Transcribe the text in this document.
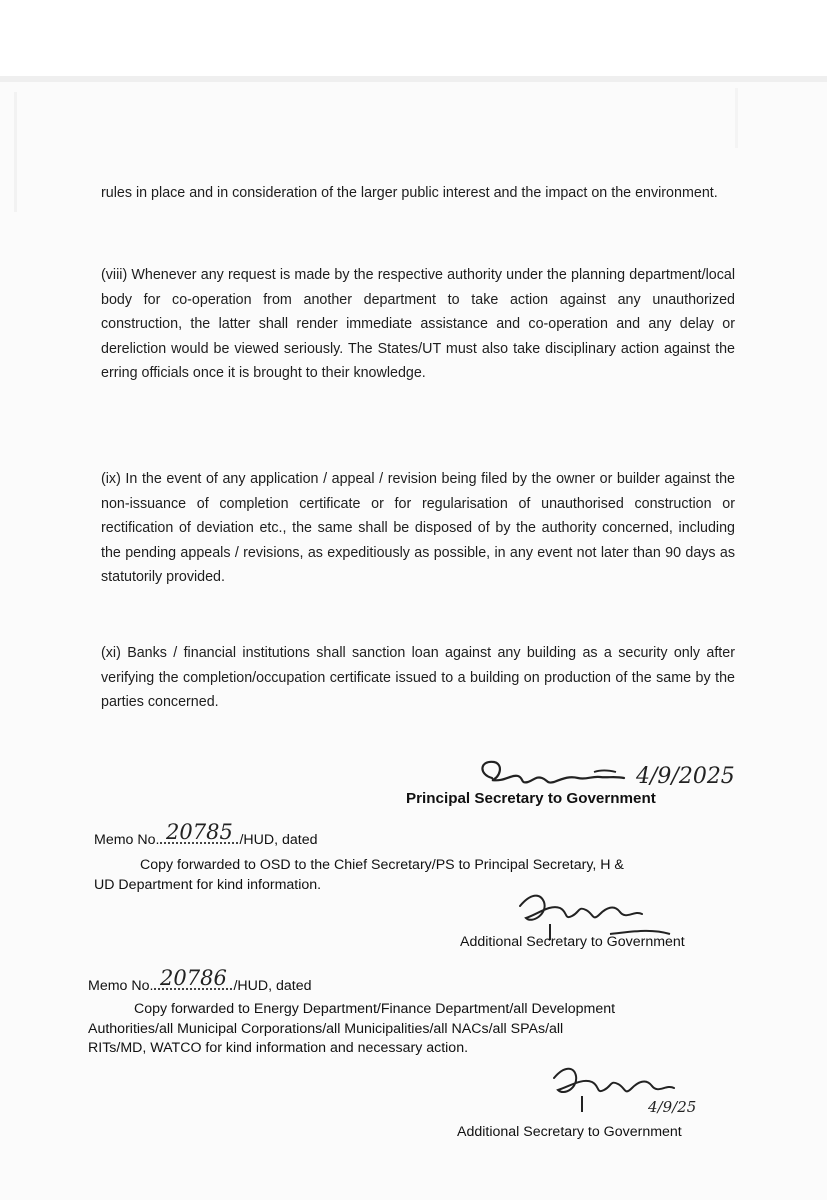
rules in place and in consideration of the larger public interest and the impact on the environment.

(viii) Whenever any request is made by the respective authority under the planning department/local body for co-operation from another department to take action against any unauthorized construction, the latter shall render immediate assistance and co-operation and any delay or dereliction would be viewed seriously. The States/UT must also take disciplinary action against the erring officials once it is brought to their knowledge.

(ix) In the event of any application / appeal / revision being filed by the owner or builder against the non-issuance of completion certificate or for regularisation of unauthorised construction or rectification of deviation etc., the same shall be disposed of by the authority concerned, including the pending appeals / revisions, as expeditiously as possible, in any event not later than 90 days as statutorily provided.

(xi) Banks / financial institutions shall sanction loan against any building as a security only after verifying the completion/occupation certificate issued to a building on production of the same by the parties concerned.

4/9/2025
Principal Secretary to Government
Memo No. 20785 /HUD, dated
Copy forwarded to OSD to the Chief Secretary/PS to Principal Secretary, H &
UD Department for kind information.
Additional Secretary to Government
Memo No. 20786 /HUD, dated
Copy forwarded to Energy Department/Finance Department/all Development
Authorities/all Municipal Corporations/all Municipalities/all NACs/all SPAs/all
RITs/MD, WATCO for kind information and necessary action.
4/9/25
Additional Secretary to Government
